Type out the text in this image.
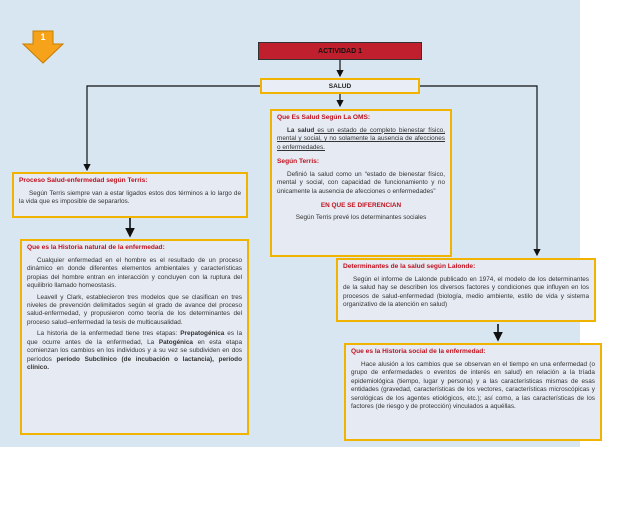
1
ACTIVIDAD 1
SALUD
Que Es Salud Según La OMS:

La salud es un estado de completo bienestar físico, mental y social, y no solamente la ausencia de afecciones o enfermedades.

Según Terris:

Definió la salud como un “estado de bienestar físico, mental y social, con capacidad de funcionamiento y no únicamente la ausencia de afecciones o enfermedades”

EN QUE SE DIFERENCIAN

Según Terris prevé los determinantes sociales

Proceso Salud-enfermedad según Terris:

Según Terris siempre van a estar ligados estos dos términos a lo largo de la vida que es imposible de separarlos.

Que es la Historia natural de la enfermedad:

Cualquier enfermedad en el hombre es el resultado de un proceso dinámico en donde diferentes elementos ambientales y características propias del hombre entran en interacción y concluyen con la ruptura del equilibrio llamado homeostasis.

Leavell y Clark, establecieron tres modelos que se clasifican en tres niveles de prevención delimitados según el grado de avance del proceso salud-enfermedad, y propusieron como teoría de los determinantes del proceso salud–enfermedad la tesis de multicausalidad.

La historia de la enfermedad tiene tres etapas: Prepatogénica es la que ocurre antes de la enfermedad, La Patogénica en esta etapa comienzan los cambios en los individuos y a su vez se subdividen en dos períodos período Subclínico (de incubación o lactancia), período clínico.

Determinantes de la salud según Lalonde:

Según el informe de Lalonde publicado en 1974, el modelo de los determinantes de la salud hay se describen los diversos factores y condiciones que influyen en los procesos de salud-enfermedad (biología, medio ambiente, estilo de vida y sistema organizativo de la atención en salud)

Que es la Historia social de la enfermedad:

Hace alusión a los cambios que se observan en el tiempo en una enfermedad (o grupo de enfermedades o eventos de interés en salud) en relación a la tríada epidemiológica (tiempo, lugar y persona) y a las características mismas de esas entidades (gravedad, características de los vectores, características microscópicas y serológicas de los agentes etiológicos, etc.); así como, a las características de los factores (de riesgo y de protección) vinculados a aquéllas.
